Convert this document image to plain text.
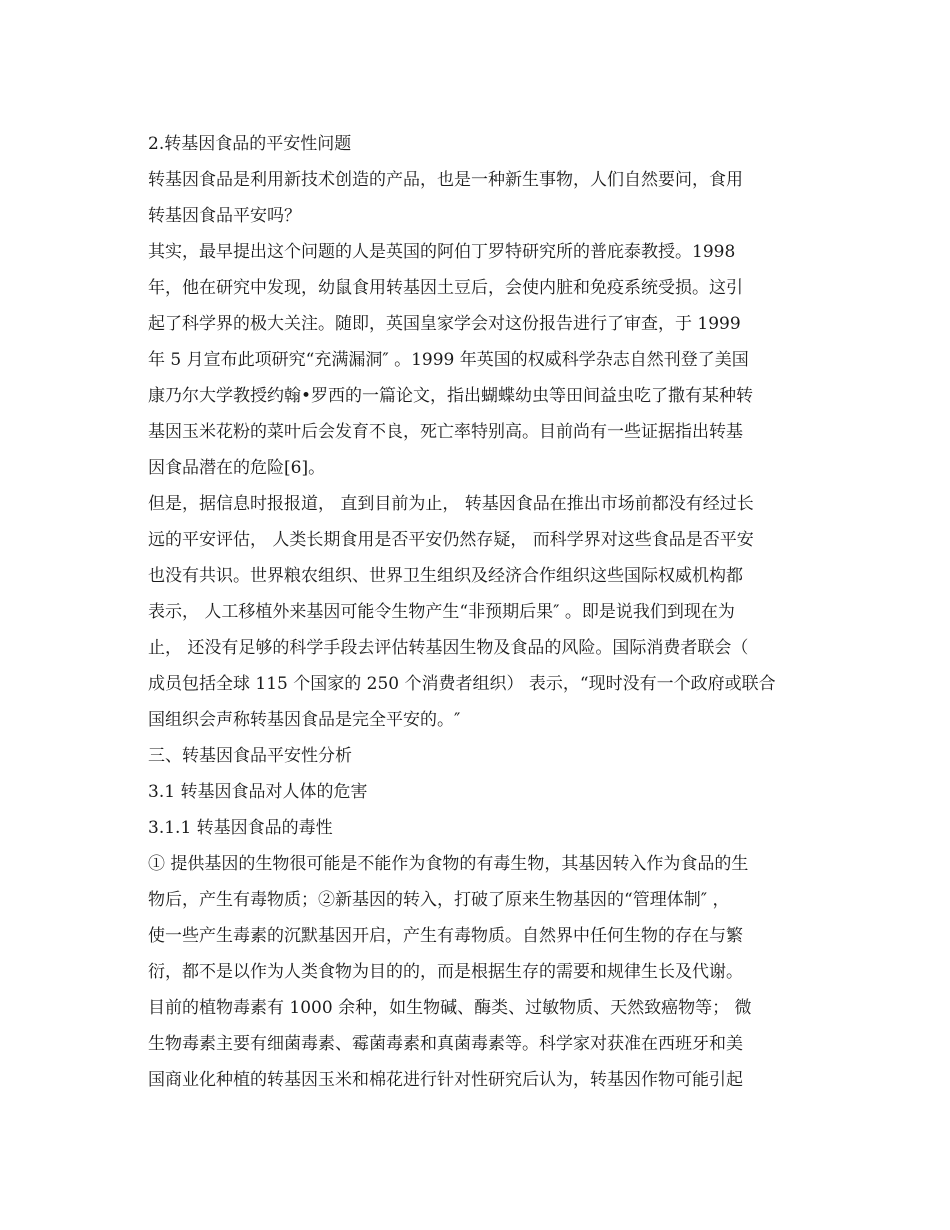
2.转基因食品的平安性问题
转基因食品是利用新技术创造的产品，也是一种新生事物，人们自然要问，食用
转基因食品平安吗？
其实，最早提出这个问题的人是英国的阿伯丁罗特研究所的普庇泰教授。1998
年，他在研究中发现，幼鼠食用转基因土豆后，会使内脏和免疫系统受损。这引
起了科学界的极大关注。随即，英国皇家学会对这份报告进行了审查，于 1999
年 5 月宣布此项研究“充满漏洞″ 。1999 年英国的权威科学杂志自然刊登了美国
康乃尔大学教授约翰•罗西的一篇论文，指出蝴蝶幼虫等田间益虫吃了撒有某种转
基因玉米花粉的菜叶后会发育不良，死亡率特别高。目前尚有一些证据指出转基
因食品潜在的危险[6]。
但是，据信息时报报道， 直到目前为止， 转基因食品在推出市场前都没有经过长
远的平安评估， 人类长期食用是否平安仍然存疑， 而科学界对这些食品是否平安
也没有共识。世界粮农组织、世界卫生组织及经济合作组织这些国际权威机构都
表示， 人工移植外来基因可能令生物产生“非预期后果″ 。即是说我们到现在为
止， 还没有足够的科学手段去评估转基因生物及食品的风险。国际消费者联会（
成员包括全球 115 个国家的 250 个消费者组织） 表示，“现时没有一个政府或联合
国组织会声称转基因食品是完全平安的。″
三、转基因食品平安性分析
3.1 转基因食品对人体的危害
3.1.1 转基因食品的毒性
① 提供基因的生物很可能是不能作为食物的有毒生物，其基因转入作为食品的生
物后，产生有毒物质；②新基因的转入，打破了原来生物基因的“管理体制″ ，
使一些产生毒素的沉默基因开启，产生有毒物质。自然界中任何生物的存在与繁
衍，都不是以作为人类食物为目的的，而是根据生存的需要和规律生长及代谢。
目前的植物毒素有 1000 余种，如生物碱、酶类、过敏物质、天然致癌物等； 微
生物毒素主要有细菌毒素、霉菌毒素和真菌毒素等。科学家对获准在西班牙和美
国商业化种植的转基因玉米和棉花进行针对性研究后认为，转基因作物可能引起
